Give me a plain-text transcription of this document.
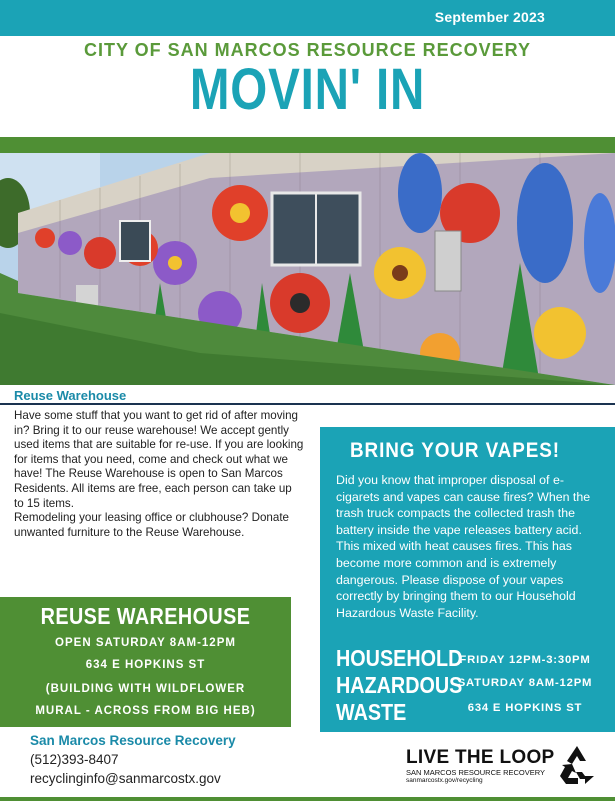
September 2023
CITY OF SAN MARCOS RESOURCE RECOVERY
MOVIN' IN
Reuse Warehouse

Have some stuff that you want to get rid of after moving in? Bring it to our reuse warehouse! We accept gently used items that are suitable for re-use. If you are looking for items that you need, come and check out what we have! The Reuse Warehouse is open to San Marcos Residents. All items are free, each person can take up to 15 items.

Remodeling your leasing office or clubhouse? Donate unwanted furniture to the Reuse Warehouse.

REUSE WAREHOUSE
OPEN SATURDAY 8AM-12PM
634 E HOPKINS ST
(BUILDING WITH WILDFLOWER
MURAL - ACROSS FROM BIG HEB)
San Marcos Resource Recovery
(512)393-8407
recyclinginfo@sanmarcostx.gov
BRING YOUR VAPES!
Did you know that improper disposal of e-cigarets and vapes can cause fires? When the trash truck compacts the collected trash the battery inside the vape releases battery acid. This mixed with heat causes fires. This has become more common and is extremely dangerous. Please dispose of your vapes correctly by bringing them to our Household Hazardous Waste Facility.
HOUSEHOLD
HAZARDOUS
WASTE
FRIDAY 12PM-3:30PM
SATURDAY 8AM-12PM
634 E HOPKINS ST
LIVE THE LOOP
SAN MARCOS RESOURCE RECOVERY
sanmarcostx.gov/recycling
